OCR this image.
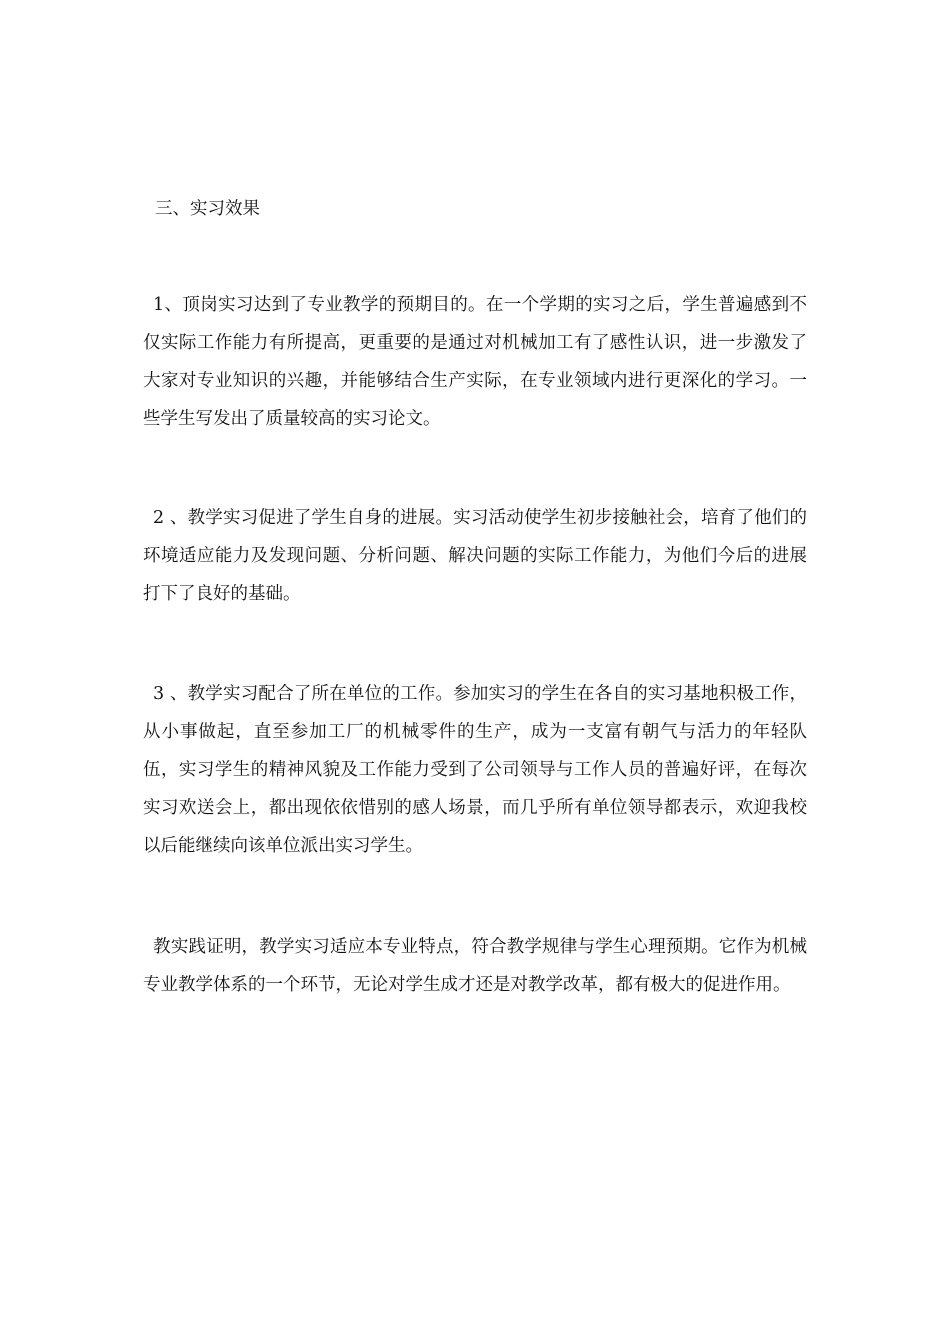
三、实习效果

1、顶岗实习达到了专业教学的预期目的。在一个学期的实习之后，学生普遍感到不仅实际工作能力有所提高，更重要的是通过对机械加工有了感性认识，进一步激发了大家对专业知识的兴趣，并能够结合生产实际，在专业领域内进行更深化的学习。一些学生写发出了质量较高的实习论文。

2 、教学实习促进了学生自身的进展。实习活动使学生初步接触社会，培育了他们的环境适应能力及发现问题、分析问题、解决问题的实际工作能力，为他们今后的进展打下了良好的基础。

3 、教学实习配合了所在单位的工作。参加实习的学生在各自的实习基地积极工作，从小事做起，直至参加工厂的机械零件的生产，成为一支富有朝气与活力的年轻队伍，实习学生的精神风貌及工作能力受到了公司领导与工作人员的普遍好评，在每次实习欢送会上，都出现依依惜别的感人场景，而几乎所有单位领导都表示，欢迎我校以后能继续向该单位派出实习学生。

教实践证明，教学实习适应本专业特点，符合教学规律与学生心理预期。它作为机械专业教学体系的一个环节，无论对学生成才还是对教学改革，都有极大的促进作用。
